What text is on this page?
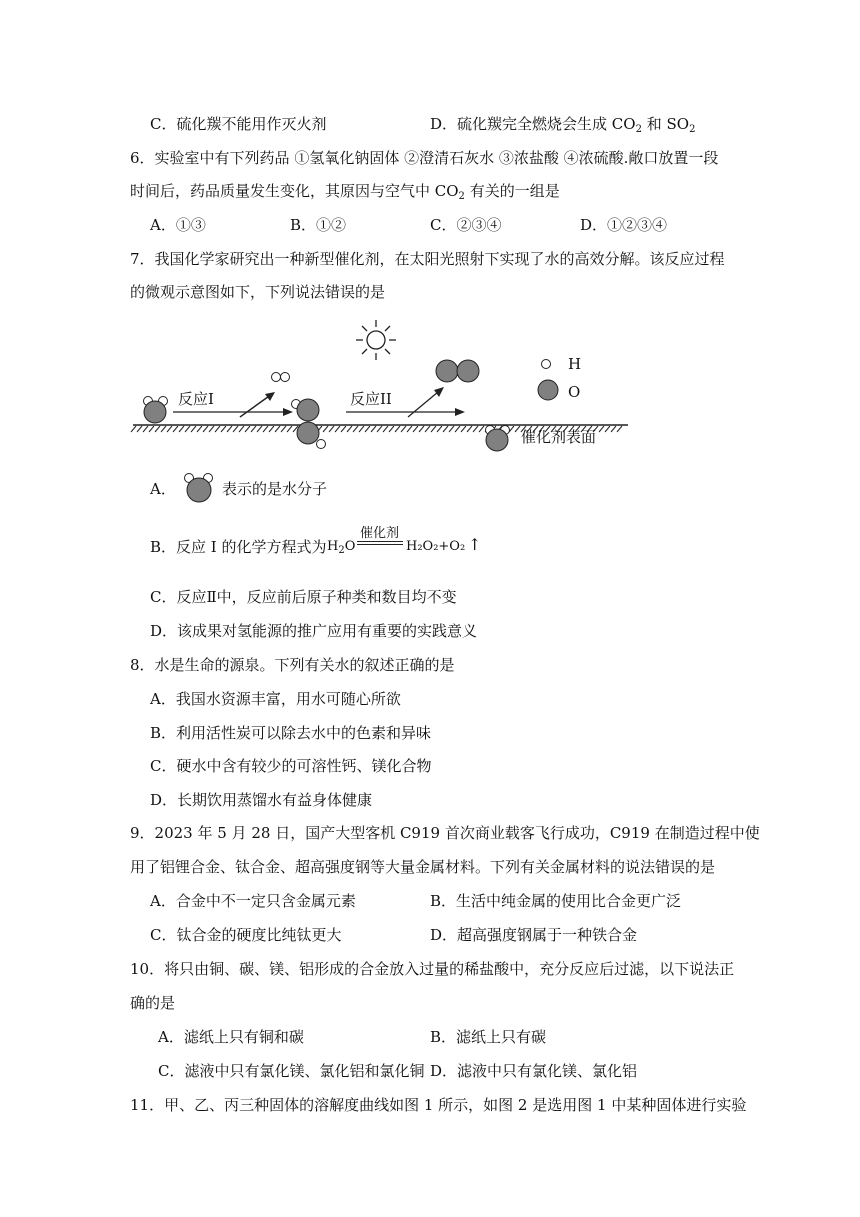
C．硫化羰不能用作灭火剂	D．硫化羰完全燃烧会生成 $CO_2$ 和 $SO_2$
6．实验室中有下列药品 ①氢氧化钠固体 ②澄清石灰水 ③浓盐酸 ④浓硫酸.敞口放置一段
时间后，药品质量发生变化，其原因与空气中 $CO_2$ 有关的一组是
A．①③	B．①②	C．②③④	D．①②③④
7．我国化学家研究出一种新型催化剂，在太阳光照射下实现了水的高效分解。该反应过程
的微观示意图如下，下列说法错误的是
反应I	反应II
催化剂表面
H
O
A．	表示的是水分子
B．反应 I 的化学方程式为 $H_2O$
催化剂
H₂O₂+O₂ ↑
C．反应Ⅱ中，反应前后原子种类和数目均不变
D．该成果对氢能源的推广应用有重要的实践意义
8．水是生命的源泉。下列有关水的叙述正确的是
A．我国水资源丰富，用水可随心所欲
B．利用活性炭可以除去水中的色素和异味
C．硬水中含有较少的可溶性钙、镁化合物
D．长期饮用蒸馏水有益身体健康
9．2023 年 5 月 28 日，国产大型客机 C919 首次商业载客飞行成功，C919 在制造过程中使
用了铝锂合金、钛合金、超高强度钢等大量金属材料。下列有关金属材料的说法错误的是
A．合金中不一定只含金属元素	B．生活中纯金属的使用比合金更广泛
C．钛合金的硬度比纯钛更大	D．超高强度钢属于一种铁合金
10．将只由铜、碳、镁、铝形成的合金放入过量的稀盐酸中，充分反应后过滤，以下说法正
确的是
A．滤纸上只有铜和碳	B．滤纸上只有碳
C．滤液中只有氯化镁、氯化铝和氯化铜 D．滤液中只有氯化镁、氯化铝
11．甲、乙、丙三种固体的溶解度曲线如图 1 所示，如图 2 是选用图 1 中某种固体进行实验
